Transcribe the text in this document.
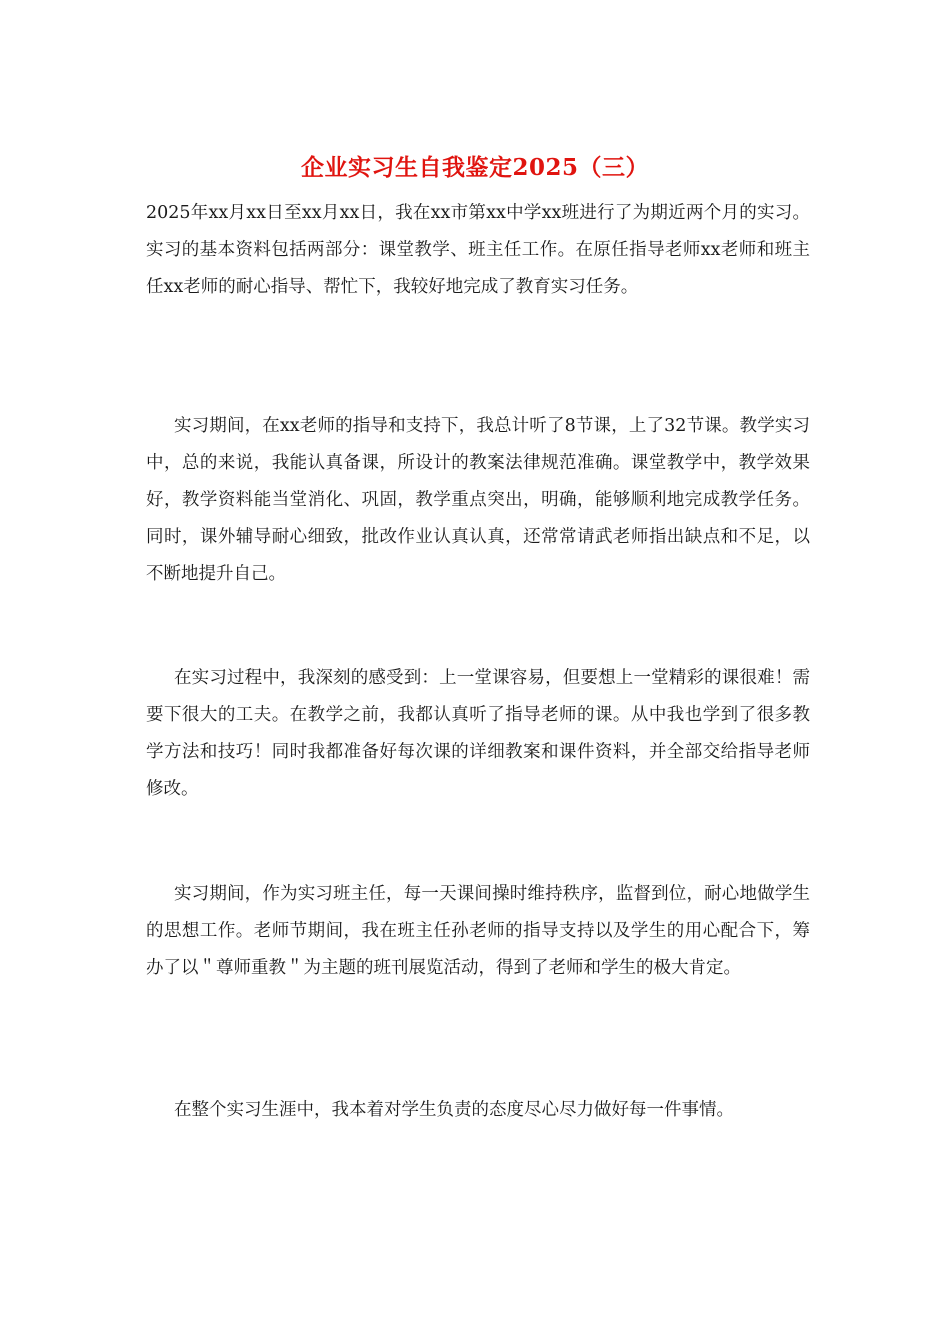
企业实习生自我鉴定2025（三）

2025年xx月xx日至xx月xx日，我在xx市第xx中学xx班进行了为期近两个月的实习。实习的基本资料包括两部分：课堂教学、班主任工作。在原任指导老师xx老师和班主任xx老师的耐心指导、帮忙下，我较好地完成了教育实习任务。

实习期间，在xx老师的指导和支持下，我总计听了8节课，上了32节课。教学实习中，总的来说，我能认真备课，所设计的教案法律规范准确。课堂教学中，教学效果好，教学资料能当堂消化、巩固，教学重点突出，明确，能够顺利地完成教学任务。同时，课外辅导耐心细致，批改作业认真认真，还常常请武老师指出缺点和不足，以不断地提升自己。

在实习过程中，我深刻的感受到：上一堂课容易，但要想上一堂精彩的课很难！需要下很大的工夫。在教学之前，我都认真听了指导老师的课。从中我也学到了很多教学方法和技巧！同时我都准备好每次课的详细教案和课件资料，并全部交给指导老师修改。

实习期间，作为实习班主任，每一天课间操时维持秩序，监督到位，耐心地做学生的思想工作。老师节期间，我在班主任孙老师的指导支持以及学生的用心配合下，筹办了以＂尊师重教＂为主题的班刊展览活动，得到了老师和学生的极大肯定。

在整个实习生涯中，我本着对学生负责的态度尽心尽力做好每一件事情。
